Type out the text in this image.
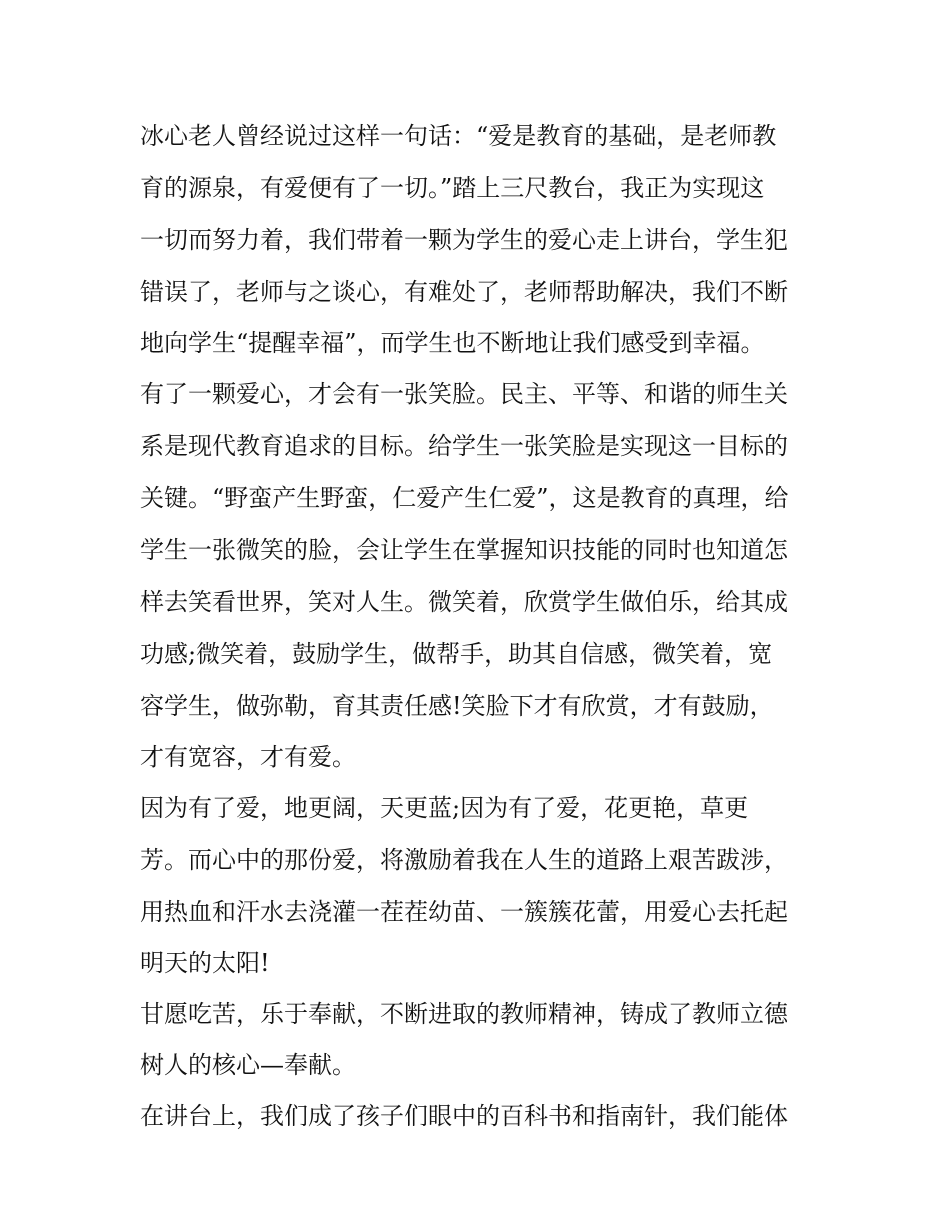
冰心老人曾经说过这样一句话：“爱是教育的基础，是老师教
育的源泉，有爱便有了一切。”踏上三尺教台，我正为实现这
一切而努力着，我们带着一颗为学生的爱心走上讲台，学生犯
错误了，老师与之谈心，有难处了，老师帮助解决，我们不断
地向学生“提醒幸福”，而学生也不断地让我们感受到幸福。
有了一颗爱心，才会有一张笑脸。民主、平等、和谐的师生关
系是现代教育追求的目标。给学生一张笑脸是实现这一目标的
关键。“野蛮产生野蛮，仁爱产生仁爱”，这是教育的真理，给
学生一张微笑的脸，会让学生在掌握知识技能的同时也知道怎
样去笑看世界，笑对人生。微笑着，欣赏学生做伯乐，给其成
功感;微笑着，鼓励学生，做帮手，助其自信感，微笑着，宽
容学生，做弥勒，育其责任感!笑脸下才有欣赏，才有鼓励，
才有宽容，才有爱。
因为有了爱，地更阔，天更蓝;因为有了爱，花更艳，草更
芳。而心中的那份爱，将激励着我在人生的道路上艰苦跋涉，
用热血和汗水去浇灌一茬茬幼苗、一簇簇花蕾，用爱心去托起
明天的太阳!
甘愿吃苦，乐于奉献，不断进取的教师精神，铸成了教师立德
树人的核心—奉献。
在讲台上，我们成了孩子们眼中的百科书和指南针，我们能体
